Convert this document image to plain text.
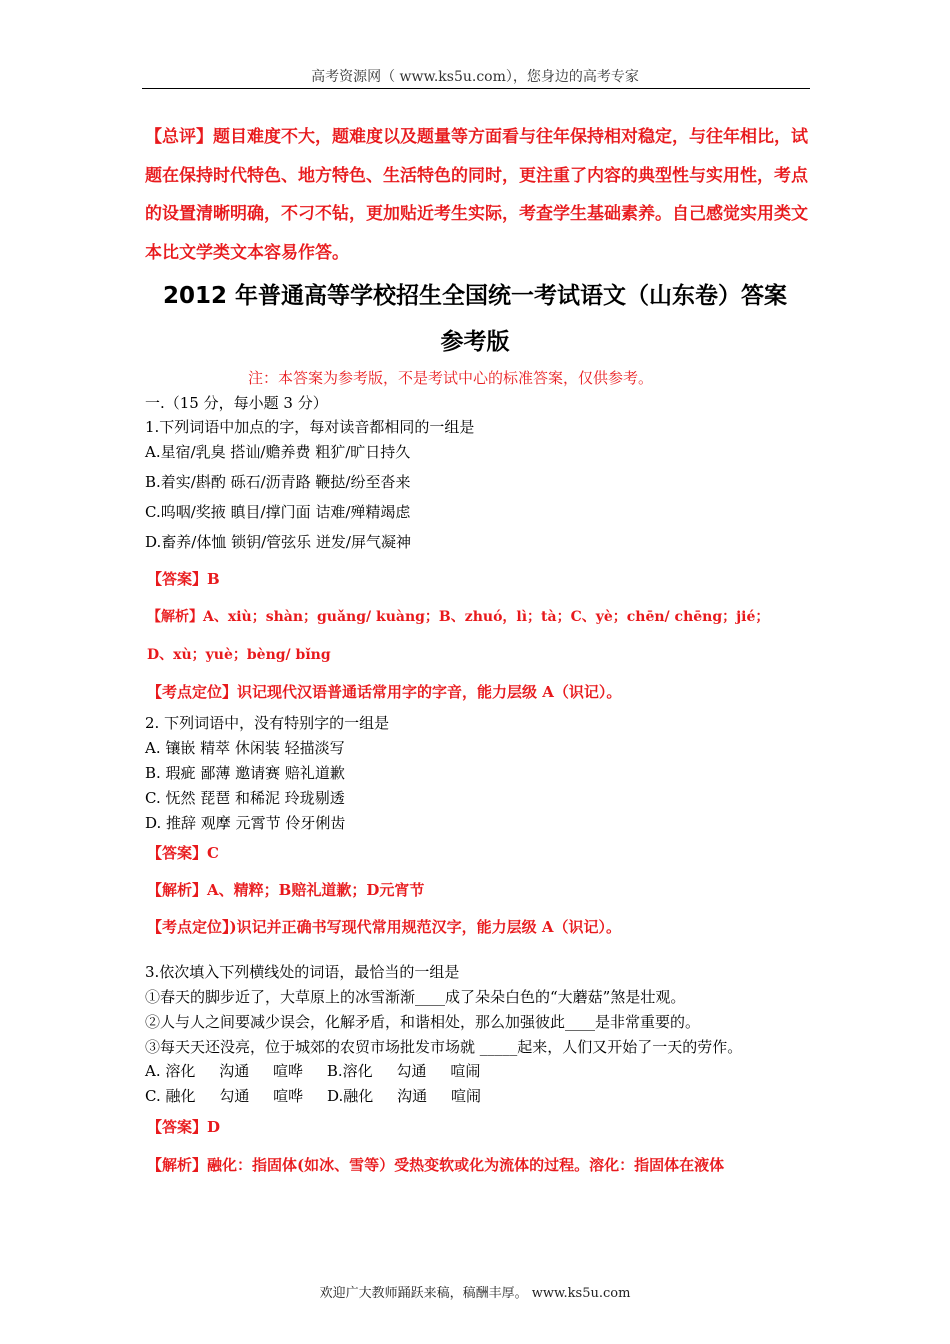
高考资源网（ www.ks5u.com），您身边的高考专家
【总评】题目难度不大，题难度以及题量等方面看与往年保持相对稳定，与往年相比，试
题在保持时代特色、地方特色、生活特色的同时，更注重了内容的典型性与实用性，考点
的设置清晰明确，不刁不钻，更加贴近考生实际，考查学生基础素养。自己感觉实用类文
本比文学类文本容易作答。
2012 年普通高等学校招生全国统一考试语文（山东卷）答案
参考版
注：本答案为参考版，不是考试中心的标准答案，仅供参考。
一.（15 分，每小题 3 分）
1.下列词语中加点的字，每对读音都相同的一组是
A.星宿/乳臭 搭讪/赡养费 粗犷/旷日持久
B.着实/斟酌 砾石/沥青路 鞭挞/纷至沓来
C.呜咽/奖掖 瞋目/撑门面 诘难/殚精竭虑
D.畜养/体恤 锁钥/管弦乐 迸发/屏气凝神
【答案】B
【解析】A、xiù；shàn；guǎng/ kuàng；B、zhuó，lì；tà；C、yè；chēn/ chēng；jié；
D、xù；yuè；bèng/ bǐng
【考点定位】识记现代汉语普通话常用字的字音，能力层级 A（识记）。
2. 下列词语中，没有特别字的一组是
A. 镶嵌 精萃 休闲装 轻描淡写
B. 瑕疵 鄙薄 邀请赛 赔礼道歉
C. 怃然 琵琶 和稀泥 玲珑剔透
D. 推辞 观摩 元霄节 伶牙俐齿
【答案】C
【解析】A、精粹；B赔礼道歉；D元宵节
【考点定位】)识记并正确书写现代常用规范汉字，能力层级 A（识记）。
3.依次填入下列横线处的词语，最恰当的一组是
①春天的脚步近了，大草原上的冰雪渐渐____成了朵朵白色的“大蘑菇”煞是壮观。
②人与人之间要减少误会，化解矛盾，和谐相处，那么加强彼此____是非常重要的。
③每天天还没亮，位于城郊的农贸市场批发市场就 _____起来，人们又开始了一天的劳作。
A. 溶化     沟通     喧哗     B.溶化     勾通     喧闹
C. 融化     勾通     喧哗     D.融化     沟通     喧闹
【答案】D
【解析】融化：指固体(如冰、雪等）受热变软或化为流体的过程。溶化：指固体在液体
欢迎广大教师踊跃来稿，稿酬丰厚。 www.ks5u.com
